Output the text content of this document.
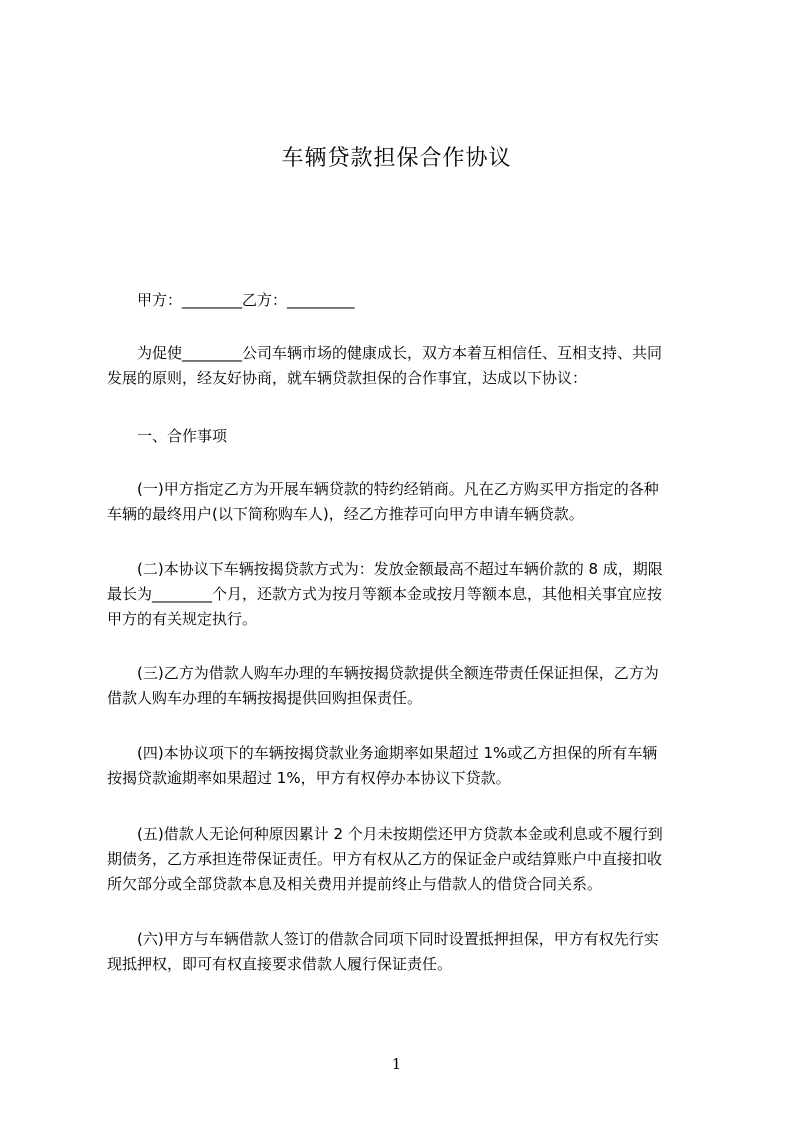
车辆贷款担保合作协议

甲方：________乙方：_________

为促使________公司车辆市场的健康成长，双方本着互相信任、互相支持、共同
发展的原则，经友好协商，就车辆贷款担保的合作事宜，达成以下协议：

一、合作事项

(一)甲方指定乙方为开展车辆贷款的特约经销商。凡在乙方购买甲方指定的各种
车辆的最终用户(以下简称购车人)，经乙方推荐可向甲方申请车辆贷款。

(二)本协议下车辆按揭贷款方式为：发放金额最高不超过车辆价款的 8 成，期限
最长为________个月，还款方式为按月等额本金或按月等额本息，其他相关事宜应按
甲方的有关规定执行。

(三)乙方为借款人购车办理的车辆按揭贷款提供全额连带责任保证担保，乙方为
借款人购车办理的车辆按揭提供回购担保责任。

(四)本协议项下的车辆按揭贷款业务逾期率如果超过 1%或乙方担保的所有车辆
按揭贷款逾期率如果超过 1%，甲方有权停办本协议下贷款。

(五)借款人无论何种原因累计 2 个月未按期偿还甲方贷款本金或利息或不履行到
期债务，乙方承担连带保证责任。甲方有权从乙方的保证金户或结算账户中直接扣收
所欠部分或全部贷款本息及相关费用并提前终止与借款人的借贷合同关系。

(六)甲方与车辆借款人签订的借款合同项下同时设置抵押担保，甲方有权先行实
现抵押权，即可有权直接要求借款人履行保证责任。

1
